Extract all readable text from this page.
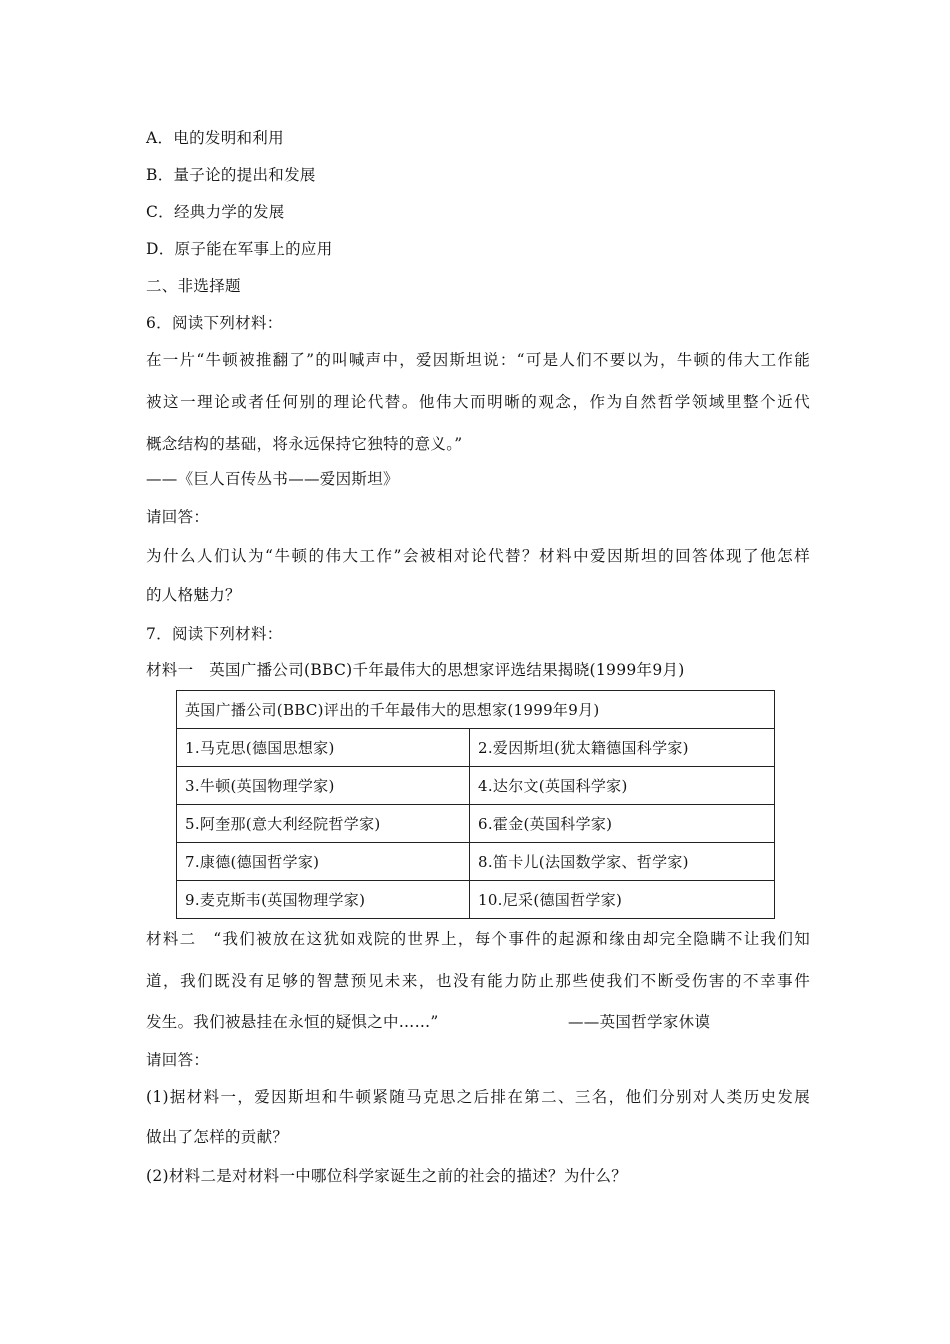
A．电的发明和利用
B．量子论的提出和发展
C．经典力学的发展
D．原子能在军事上的应用
二、非选择题
6．阅读下列材料：
在一片“牛顿被推翻了”的叫喊声中，爱因斯坦说：“可是人们不要以为，牛顿的伟大工作能
被这一理论或者任何别的理论代替。他伟大而明晰的观念，作为自然哲学领域里整个近代
概念结构的基础，将永远保持它独特的意义。”
——《巨人百传丛书——爱因斯坦》
请回答：
为什么人们认为“牛顿的伟大工作”会被相对论代替？材料中爱因斯坦的回答体现了他怎样
的人格魅力？
7．阅读下列材料：
材料一　英国广播公司(BBC)千年最伟大的思想家评选结果揭晓(1999年9月)
英国广播公司(BBC)评出的千年最伟大的思想家(1999年9月)	
1.马克思(德国思想家)	2.爱因斯坦(犹太籍德国科学家)
3.牛顿(英国物理学家)	4.达尔文(英国科学家)
5.阿奎那(意大利经院哲学家)	6.霍金(英国科学家)
7.康德(德国哲学家)	8.笛卡儿(法国数学家、哲学家)
9.麦克斯韦(英国物理学家)	10.尼采(德国哲学家)
材料二　“我们被放在这犹如戏院的世界上，每个事件的起源和缘由却完全隐瞒不让我们知
道，我们既没有足够的智慧预见未来，也没有能力防止那些使我们不断受伤害的不幸事件
发生。我们被悬挂在永恒的疑惧之中……”	——英国哲学家休谟
请回答：
(1)据材料一，爱因斯坦和牛顿紧随马克思之后排在第二、三名，他们分别对人类历史发展
做出了怎样的贡献？
(2)材料二是对材料一中哪位科学家诞生之前的社会的描述？为什么？
